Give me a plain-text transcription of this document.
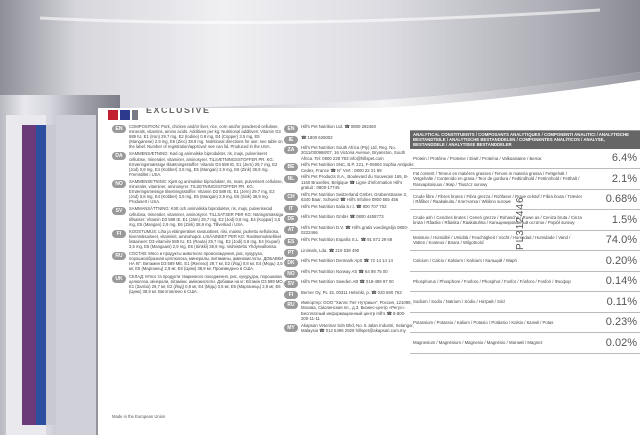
EXCLUSIVE
EN	COMPOSITION: Pork, chicken and/or liver, rice, corn and/or powdered cellulose, minerals, vitamins, amino acids. Additives per kg: Nutritional additives: Vitamin D3 589 IU, E1 (Iron) 29.7 mg, E2 (Iodine) 0.8 mg, E4 (Copper) 3.5 mg, E5 (Manganese) 2.9 mg, E6 (Zinc) 38.9 mg. Nutritional directions for use: see table on the label. Number of registration/approval: see can lid. Produced in the USA.
DA	SAMMENSÆTNING: Kød og animalske biprodukter, ris, majs, pulveriseret cellulose, mineraler, vitaminer, aminosyrer. TILSÆTNINGSSTOFFER PR. KG: Ernæringsmæssige tilsætningsstoffer: Vitamin D3 589 IE, E1 (Jern) 29,7 mg, E2 (Jod) 0,8 mg, E4 (Kobber) 3,5 mg, E5 (Mangan) 2,9 mg, E6 (Zink) 38,9 mg. Fremstillet i USA.
NO	SAMMENSETNING: Kjøtt og animalske biprodukter, ris, mais, pulverisert cellulose, mineraler, vitaminer, aminosyrer. TILSETNINGSSTOFFER PR. KG: Ernæringsmessige tilsetningsstoffer: Vitamin D3 589 IE, E1 (Jern) 29,7 mg, E2 (Jod) 0,8 mg, E4 (Kobber) 3,5 mg, E5 (Mangan) 2,9 mg, E6 (Sink) 38,9 mg. Produsert i USA.
SV	SAMMANSÄTTNING: Kött och animaliska biprodukter, ris, majs, pulveriserad cellulosa, mineraler, vitaminer, aminosyror. TILLSATSER PER KG: Näringsmässiga tillsatser: Vitamin D3 589 IE, E1 (Järn) 29,7 mg, E2 (Jod) 0,8 mg, E4 (Koppar) 3,5 mg, E5 (Mangan) 2,9 mg, E6 (Zink) 38,9 mg. Tillverkad i USA.
FI	KOOSTUMUS: Liha ja eläinperäiset sivutuotteet, riisi, maissi, jauhettu selluloosa, kivennäisaineet, vitamiinit, aminohapot. LISÄAINEET PER KG: Ravitsemukselliset lisäaineet: D3-vitamiini 589 IU, E1 (Rauta) 29,7 mg, E2 (Jodi) 0,8 mg, E4 (Kupari) 3,5 mg, E5 (Mangaani) 2,9 mg, E6 (Sinkki) 38,9 mg. Valmistettu Yhdysvalloissa.
RU	СОСТАВ: Мясо и продукты животного происхождения, рис, кукуруза, порошкообразная целлюлоза, минералы, витамины, аминокислоты. ДОБАВКИ НА КГ: Витамин D3 589 МЕ, E1 (Железо) 29,7 мг, E2 (Йод) 0,8 мг, E4 (Медь) 3,5 мг, E5 (Марганец) 2,9 мг, E6 (Цинк) 38,9 мг. Произведено в США.
UK	СКЛАД: М'ясо та продукти тваринного походження, рис, кукурудза, порошкова целюлоза, мінерали, вітаміни, амінокислоти. Добавки на кг: Вітамін D3 589 МО, E1 (Залізо) 29,7 мг, E2 (Йод) 0,8 мг, E4 (Мідь) 3,5 мг, E5 (Марганець) 2,9 мг, E6 (Цинк) 38,9 мг. Виготовлено в США.
EN	Hill's Pet Nutrition Ltd. ☎ 0800 282450
IE	☎ 1800 626002
ZA	Hill's Pet Nutrition South Africa (Pty) Ltd, Reg. No. 2011/000968/07, 16 Victoria Avenue, Bryanston, South Africa. Tel: 0800 228 783 info@hillspet.com
BE	Hill's Pet Nutrition SNC, B.P. 221, F-06904 Sophia Antipolis Cedex, France ☎ N° Vert : 0800 22 21 89
NL	Hill's Pet Products S.A., Boulevard du Souverain 165, B-1160 Bruxelles, Belgique ☎ Ligne d'information Hill's gratuit : 0800-17745
CH	Hill's Pet Nutrition Switzerland GmbH, Grabenstrasse 3, 6340 Baar, Schweiz ☎ Hill's Infoline 0800 555 456
IT	Hill's Pet Nutrition Italia S.r.l. ☎ 800 707 702
DE	Hill's Pet Nutrition GmbH ☎ 0800 4455773
AT	Hill's Pet Nutrition D.V. ☎ Hill's gratis voedingslijn 0800-0222466
ES	Hill's Pet Nutrition España S.L. ☎ 91 571 29 68
PT	Linimals, Lda. ☎ 219 538 490
DK	Hill's Pet Nutrition Denmark ApS ☎ 72 14 14 14
NO	Hill's Pet Nutrition Norway AS ☎ 64 98 75 00
SV	Hill's Pet Nutrition Sweden AB ☎ 018-489 97 00
FI	Berner Oy, PL 15, 00311 Helsinki, p. ☎ 020 690 763
RU	Импортер: ООО "Хиллс Пет Нутришн", Россия, 121099, Москва, Смоленская пл., д.3. Бизнес-центр «Регус». Бесплатный информационный центр Hill's ☎ 8-800-200-11-11
MY	Akapsan Veterinar Sdn Bhd, No. 5 Jalan Industri, Selangor, Malaysia ☎ 012 5496 2929 hillspet@akapsan.com.my
ANALYTICAL CONSTITUENTS / COMPOSANTS ANALYTIQUES / COMPONENTI ANALITICI / ANALYTISCHE BESTANDTEILE / ANALYTISCHE BESTANDDELEN / COMPONENTES ANALÍTICOS / ANALYSE, BESTANDDELE / ANALYTISKE BESTANDDELER
Protein / Protéine / Proteine / Eiwit / Proteína / Valkuaisaine / Белок	6.4%
Fat content / Teneur en matières grasses / Tenore in materia grassa / Fettgehalt / Vetgehalte / Contenido en grasa / Teor de gordura / Fedtindhold / Fettinnhold / Fetthalt / Rasvapitoisuus / Жир / Tłuszcz surowy	2.1%
Crude fibre / Fibres brutes / Fibra grezza / Rohfaser / Ruwe celstof / Fibra bruta / Trævler / Råfiber / Raakakuitu / Клетчатка / Włókno surowe	0.68%
Crude ash / Cendres brutes / Ceneri grezze / Rohasche / Ruwe as / Ceniza bruta / Cinza bruta / Råaske / Råaska / Raakatuhka / Кальцинированный остаток / Popiół surowy	1.5%
Moisture / Humidité / Umidità / Feuchtigkeit / Vocht / Humedad / Humidade / Vand / Vatten / Kosteus / Влага / Wilgotność	74.0%
Calcium / Calcio / Kalsium / Kalcium / Кальций / Wapń	0.20%
Phosphorus / Phosphore / Fosforo / Phosphor / Fosfor / Fósforo / Fosfori / Фосфор	0.14%
Sodium / Sodio / Natrium / Sódio / Натрий / Sód	0.11%
Potassium / Potassio / Kalium / Potasio / Potássio / Kalsio / Калий / Potas	0.23%
Magnesium / Magnésium / Magnesio / Magnésio / Магний / Magnez	0.02%
Made in the European Union
PL312446
